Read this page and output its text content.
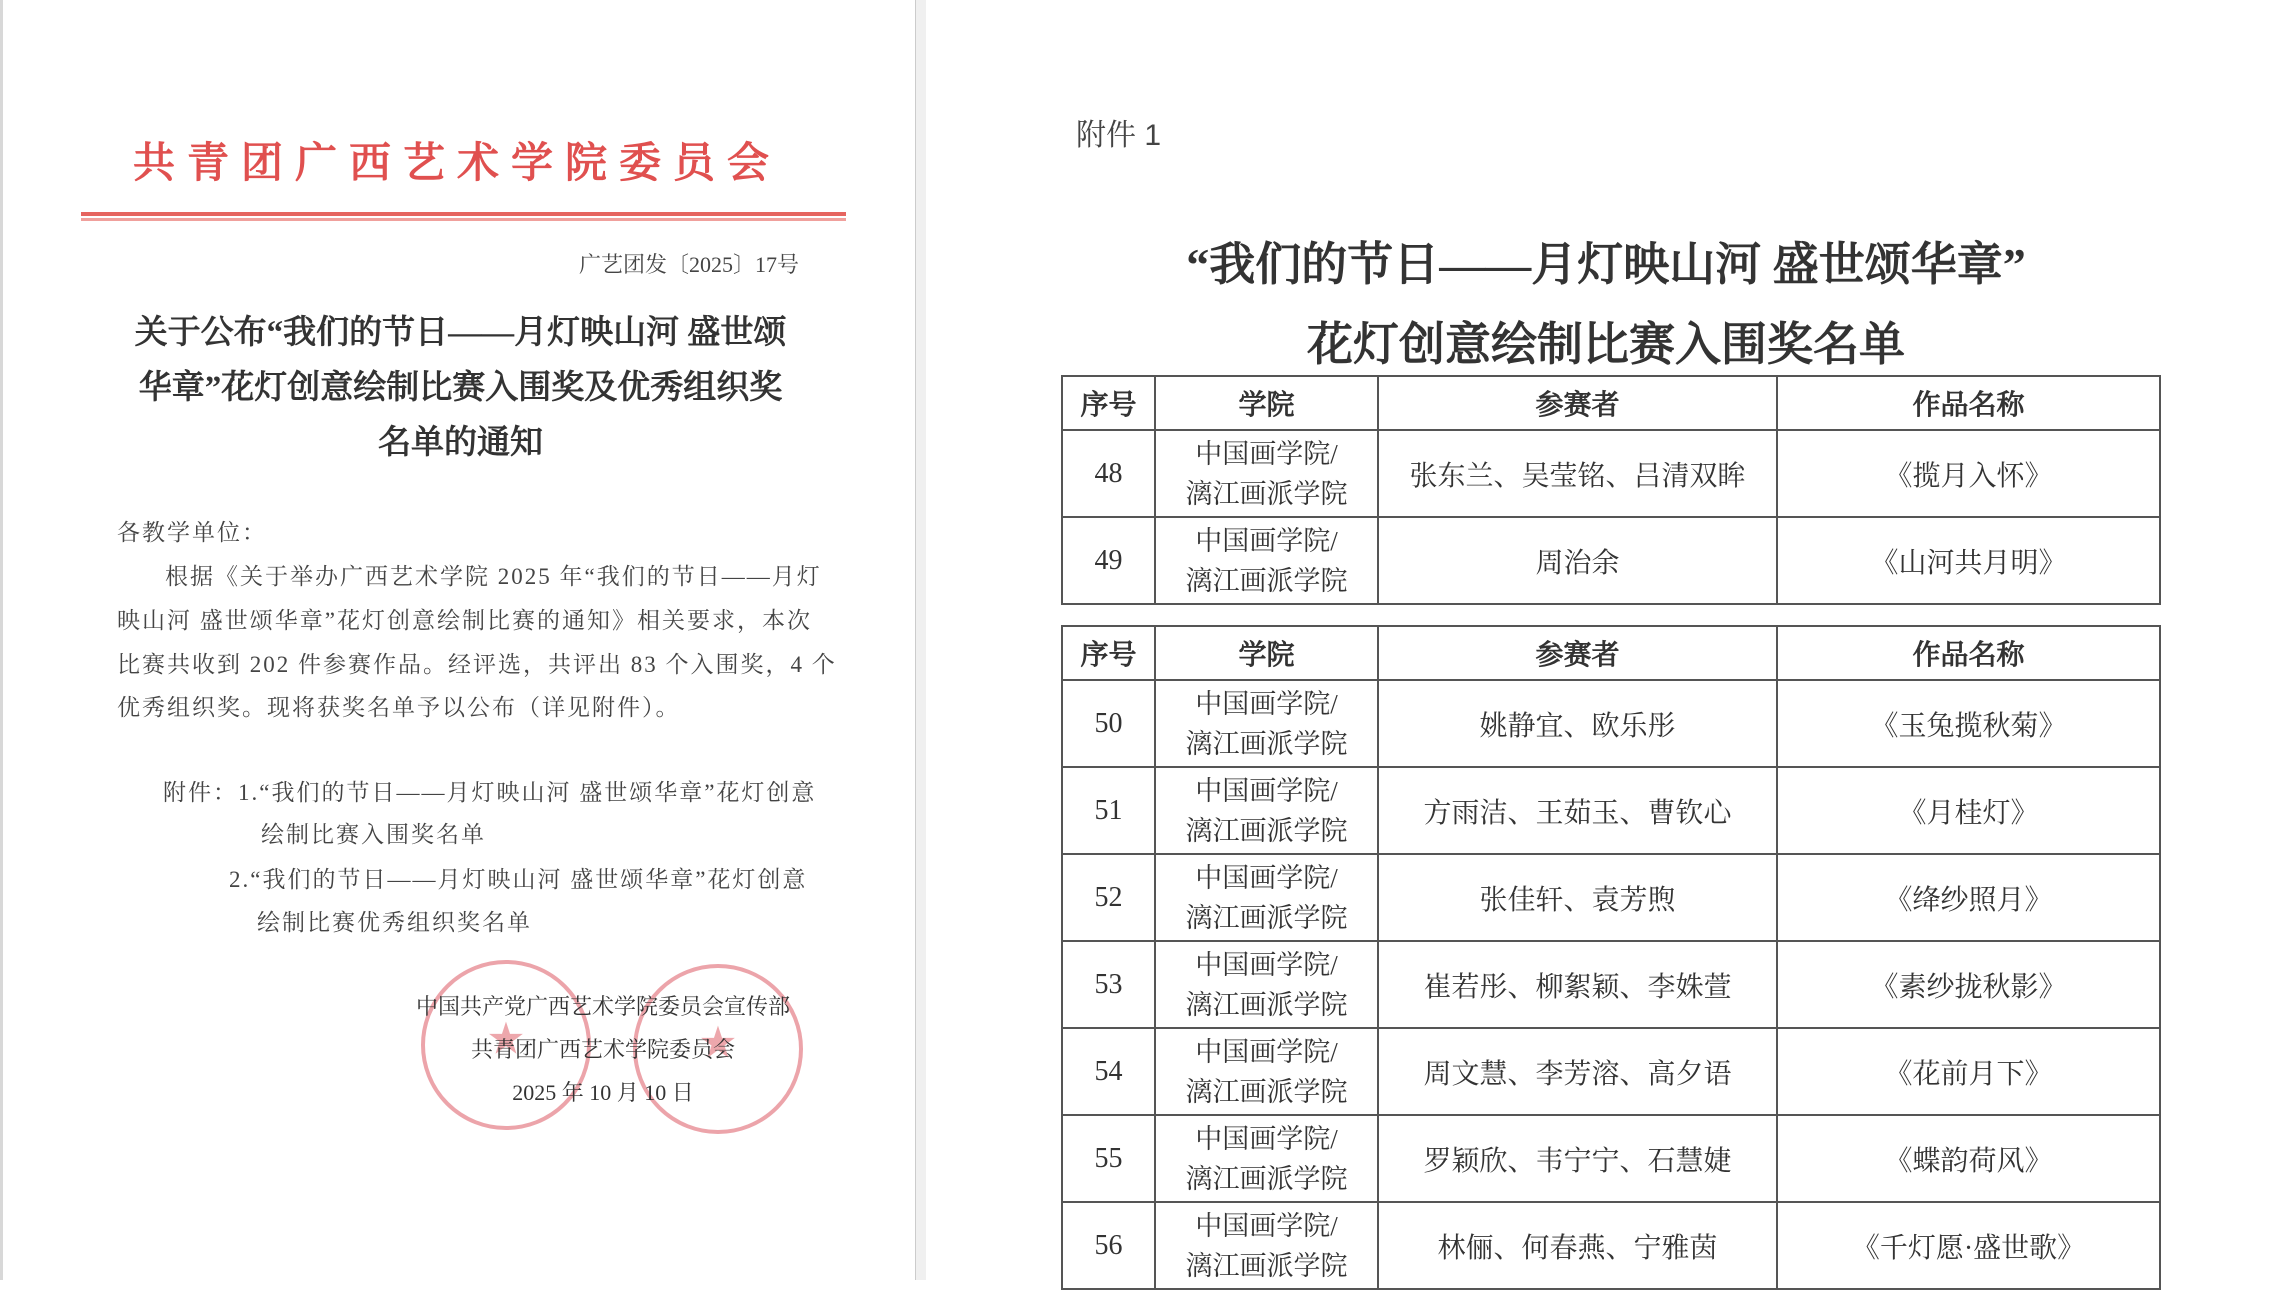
共青团广西艺术学院委员会
广艺团发〔2025〕17号
关于公布“我们的节日——月灯映山河 盛世颂
华章”花灯创意绘制比赛入围奖及优秀组织奖
名单的通知
各教学单位：
根据《关于举办广西艺术学院 2025 年“我们的节日——月灯
映山河 盛世颂华章”花灯创意绘制比赛的通知》相关要求，本次
比赛共收到 202 件参赛作品。经评选，共评出 83 个入围奖，4 个
优秀组织奖。现将获奖名单予以公布（详见附件）。
附件：1.“我们的节日——月灯映山河 盛世颂华章”花灯创意
绘制比赛入围奖名单
2.“我们的节日——月灯映山河 盛世颂华章”花灯创意
绘制比赛优秀组织奖名单
★
★
中国共产党广西艺术学院委员会宣传部
共青团广西艺术学院委员会
2025 年 10 月 10 日
附件 1
“我们的节日——月灯映山河 盛世颂华章”
花灯创意绘制比赛入围奖名单
序号	学院	参赛者	作品名称
48	中国画学院/
漓江画派学院	张东兰、吴莹铭、吕清双眸	《揽月入怀》
49	中国画学院/
漓江画派学院	周治余	《山河共月明》
序号	学院	参赛者	作品名称
50	中国画学院/
漓江画派学院	姚静宜、欧乐彤	《玉兔揽秋菊》
51	中国画学院/
漓江画派学院	方雨洁、王茹玉、曹钦心	《月桂灯》
52	中国画学院/
漓江画派学院	张佳轩、袁芳煦	《绛纱照月》
53	中国画学院/
漓江画派学院	崔若彤、柳絮颖、李姝萱	《素纱拢秋影》
54	中国画学院/
漓江画派学院	周文慧、李芳溶、高夕语	《花前月下》
55	中国画学院/
漓江画派学院	罗颖欣、韦宁宁、石慧婕	《蝶韵荷风》
56	中国画学院/
漓江画派学院	林俪、何春燕、宁雅茵	《千灯愿·盛世歌》
